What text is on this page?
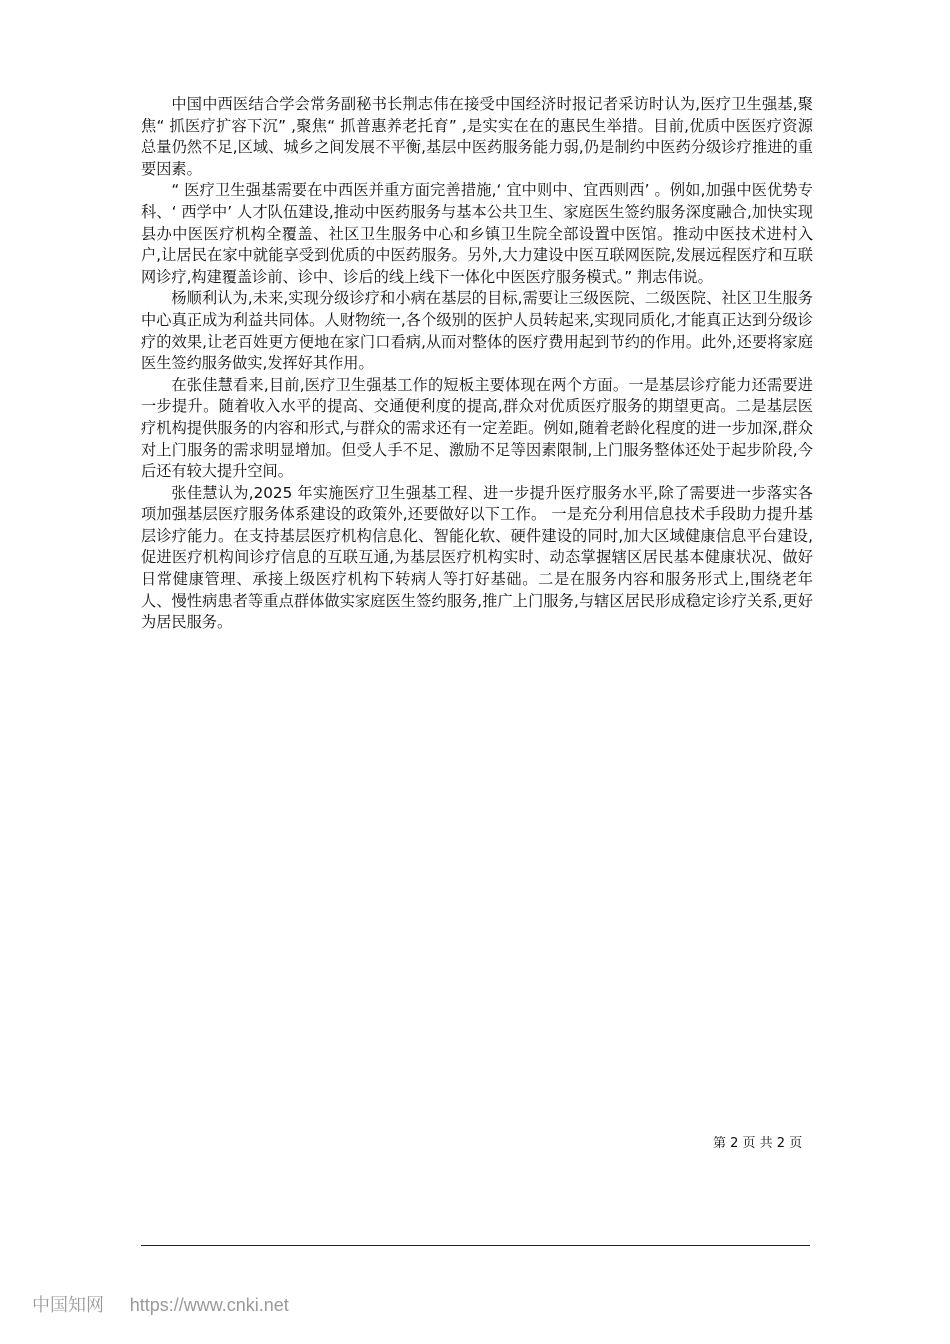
中国中西医结合学会常务副秘书长荆志伟在接受中国经济时报记者采访时认为,医疗卫生强基,聚焦“ 抓医疗扩容下沉” ,聚焦“ 抓普惠养老托育” ,是实实在在的惠民生举措。目前,优质中医医疗资源总量仍然不足,区域、城乡之间发展不平衡,基层中医药服务能力弱,仍是制约中医药分级诊疗推进的重要因素。

“ 医疗卫生强基需要在中西医并重方面完善措施,‘ 宜中则中、宜西则西’ 。例如,加强中医优势专科、‘ 西学中’ 人才队伍建设,推动中医药服务与基本公共卫生、家庭医生签约服务深度融合,加快实现县办中医医疗机构全覆盖、社区卫生服务中心和乡镇卫生院全部设置中医馆。推动中医技术进村入户,让居民在家中就能享受到优质的中医药服务。另外,大力建设中医互联网医院,发展远程医疗和互联网诊疗,构建覆盖诊前、诊中、诊后的线上线下一体化中医医疗服务模式。” 荆志伟说。

杨顺利认为,未来,实现分级诊疗和小病在基层的目标,需要让三级医院、二级医院、社区卫生服务中心真正成为利益共同体。人财物统一,各个级别的医护人员转起来,实现同质化,才能真正达到分级诊疗的效果,让老百姓更方便地在家门口看病,从而对整体的医疗费用起到节约的作用。此外,还要将家庭医生签约服务做实,发挥好其作用。

在张佳慧看来,目前,医疗卫生强基工作的短板主要体现在两个方面。一是基层诊疗能力还需要进一步提升。随着收入水平的提高、交通便利度的提高,群众对优质医疗服务的期望更高。二是基层医疗机构提供服务的内容和形式,与群众的需求还有一定差距。例如,随着老龄化程度的进一步加深,群众对上门服务的需求明显增加。但受人手不足、激励不足等因素限制,上门服务整体还处于起步阶段,今后还有较大提升空间。

张佳慧认为,2025 年实施医疗卫生强基工程、进一步提升医疗服务水平,除了需要进一步落实各项加强基层医疗服务体系建设的政策外,还要做好以下工作。 一是充分利用信息技术手段助力提升基层诊疗能力。在支持基层医疗机构信息化、智能化软、硬件建设的同时,加大区域健康信息平台建设,促进医疗机构间诊疗信息的互联互通,为基层医疗机构实时、动态掌握辖区居民基本健康状况、做好日常健康管理、承接上级医疗机构下转病人等打好基础。二是在服务内容和服务形式上,围绕老年人、慢性病患者等重点群体做实家庭医生签约服务,推广上门服务,与辖区居民形成稳定诊疗关系,更好为居民服务。

第 2 页 共 2 页
中国知网 https://www.cnki.net
